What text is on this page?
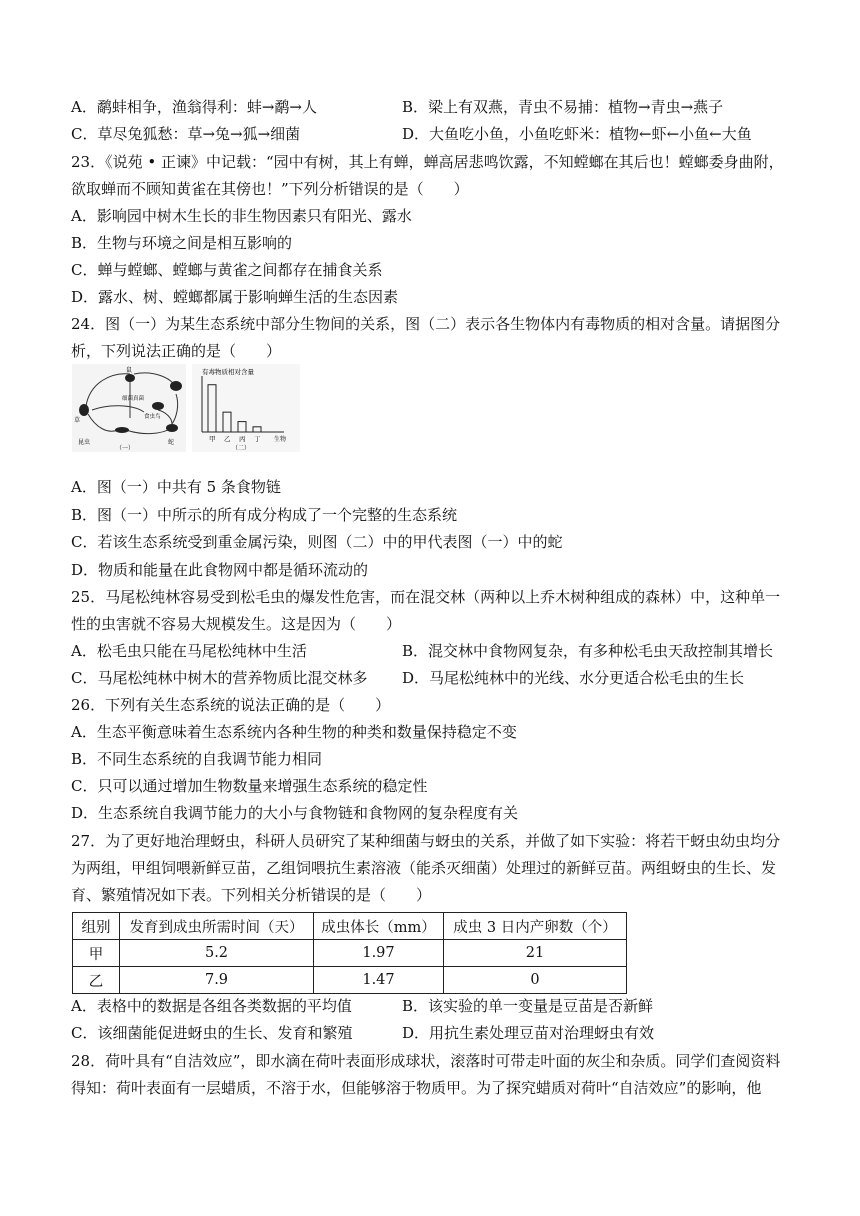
A．鹬蚌相争，渔翁得利：蚌→鹬→人	B．梁上有双燕，青虫不易捕：植物→青虫→燕子
C．草尽兔狐愁：草→兔→狐→细菌	D．大鱼吃小鱼，小鱼吃虾米：植物←虾←小鱼←大鱼
23．《说苑 • 正谏》中记载：“园中有树，其上有蝉，蝉高居悲鸣饮露，不知螳螂在其后也！螳螂委身曲附，
欲取蝉而不顾知黄雀在其傍也！”下列分析错误的是（　　）
A．影响园中树木生长的非生物因素只有阳光、露水
B．生物与环境之间是相互影响的
C．蝉与螳螂、螳螂与黄雀之间都存在捕食关系
D．露水、树、螳螂都属于影响蝉生活的生态因素
24．图（一）为某生态系统中部分生物间的关系，图（二）表示各生物体内有毒物质的相对含量。请据图分
析，下列说法正确的是（　　）
鼠
细菌真菌
草	食虫鸟
昆虫	蛇
（一）
有毒物质相对含量
甲 乙 丙 丁 生物
（二）
A．图（一）中共有 5 条食物链
B．图（一）中所示的所有成分构成了一个完整的生态系统
C．若该生态系统受到重金属污染，则图（二）中的甲代表图（一）中的蛇
D．物质和能量在此食物网中都是循环流动的
25．马尾松纯林容易受到松毛虫的爆发性危害，而在混交林（两种以上乔木树种组成的森林）中，这种单一
性的虫害就不容易大规模发生。这是因为（　　）
A．松毛虫只能在马尾松纯林中生活	B．混交林中食物网复杂，有多种松毛虫天敌控制其增长
C．马尾松纯林中树木的营养物质比混交林多 D．马尾松纯林中的光线、水分更适合松毛虫的生长
26．下列有关生态系统的说法正确的是（　　）
A．生态平衡意味着生态系统内各种生物的种类和数量保持稳定不变
B．不同生态系统的自我调节能力相同
C．只可以通过增加生物数量来增强生态系统的稳定性
D．生态系统自我调节能力的大小与食物链和食物网的复杂程度有关
27．为了更好地治理蚜虫，科研人员研究了某种细菌与蚜虫的关系，并做了如下实验：将若干蚜虫幼虫均分
为两组，甲组饲喂新鲜豆苗，乙组饲喂抗生素溶液（能杀灭细菌）处理过的新鲜豆苗。两组蚜虫的生长、发
育、繁殖情况如下表。下列相关分析错误的是（　　）
组别	发育到成虫所需时间（天）	成虫体长（mm）	成虫 3 日内产卵数（个）
甲	5.2	1.97	21
乙	7.9	1.47	0
A．表格中的数据是各组各类数据的平均值	B．该实验的单一变量是豆苗是否新鲜
C．该细菌能促进蚜虫的生长、发育和繁殖	D．用抗生素处理豆苗对治理蚜虫有效
28．荷叶具有“自洁效应”，即水滴在荷叶表面形成球状，滚落时可带走叶面的灰尘和杂质。同学们查阅资料
得知：荷叶表面有一层蜡质，不溶于水，但能够溶于物质甲。为了探究蜡质对荷叶“自洁效应”的影响，他
